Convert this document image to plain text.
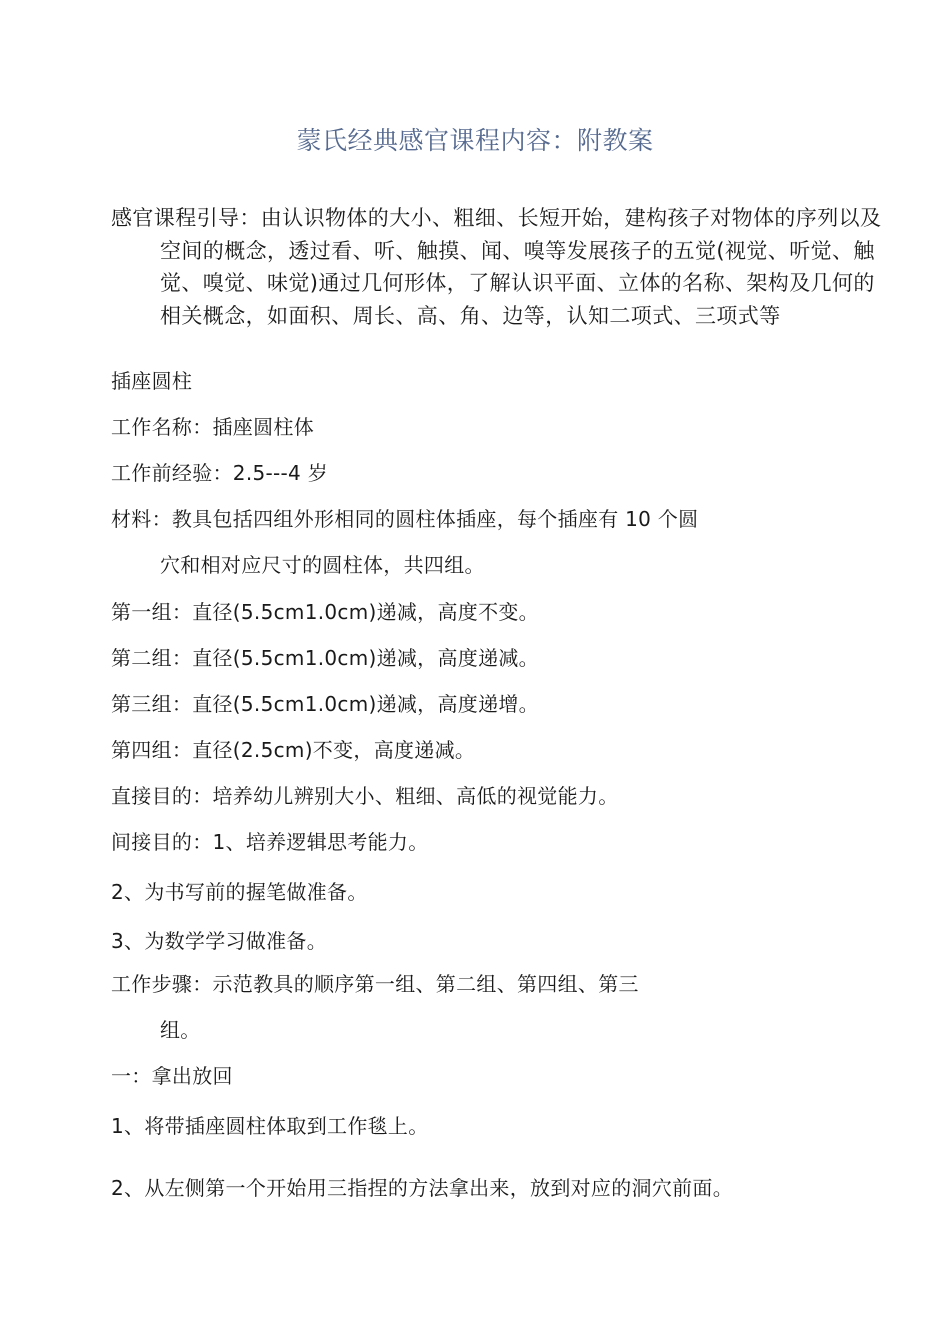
蒙氏经典感官课程内容：附教案
感官课程引导：由认识物体的大小、粗细、长短开始，建构孩子对物体的序列以及空间的概念，透过看、听、触摸、闻、嗅等发展孩子的五觉(视觉、听觉、触觉、嗅觉、味觉)通过几何形体，了解认识平面、立体的名称、架构及几何的相关概念，如面积、周长、高、角、边等，认知二项式、三项式等
插座圆柱
工作名称：插座圆柱体
工作前经验：2.5---4 岁
材料：教具包括四组外形相同的圆柱体插座，每个插座有 10 个圆
穴和相对应尺寸的圆柱体，共四组。
第一组：直径(5.5cm1.0cm)递减，高度不变。
第二组：直径(5.5cm1.0cm)递减，高度递减。
第三组：直径(5.5cm1.0cm)递减，高度递增。
第四组：直径(2.5cm)不变，高度递减。
直接目的：培养幼儿辨别大小、粗细、高低的视觉能力。
间接目的：1、培养逻辑思考能力。
2、为书写前的握笔做准备。
3、为数学学习做准备。
工作步骤：示范教具的顺序第一组、第二组、第四组、第三
组。
一：拿出放回
1、将带插座圆柱体取到工作毯上。
2、从左侧第一个开始用三指捏的方法拿出来，放到对应的洞穴前面。
